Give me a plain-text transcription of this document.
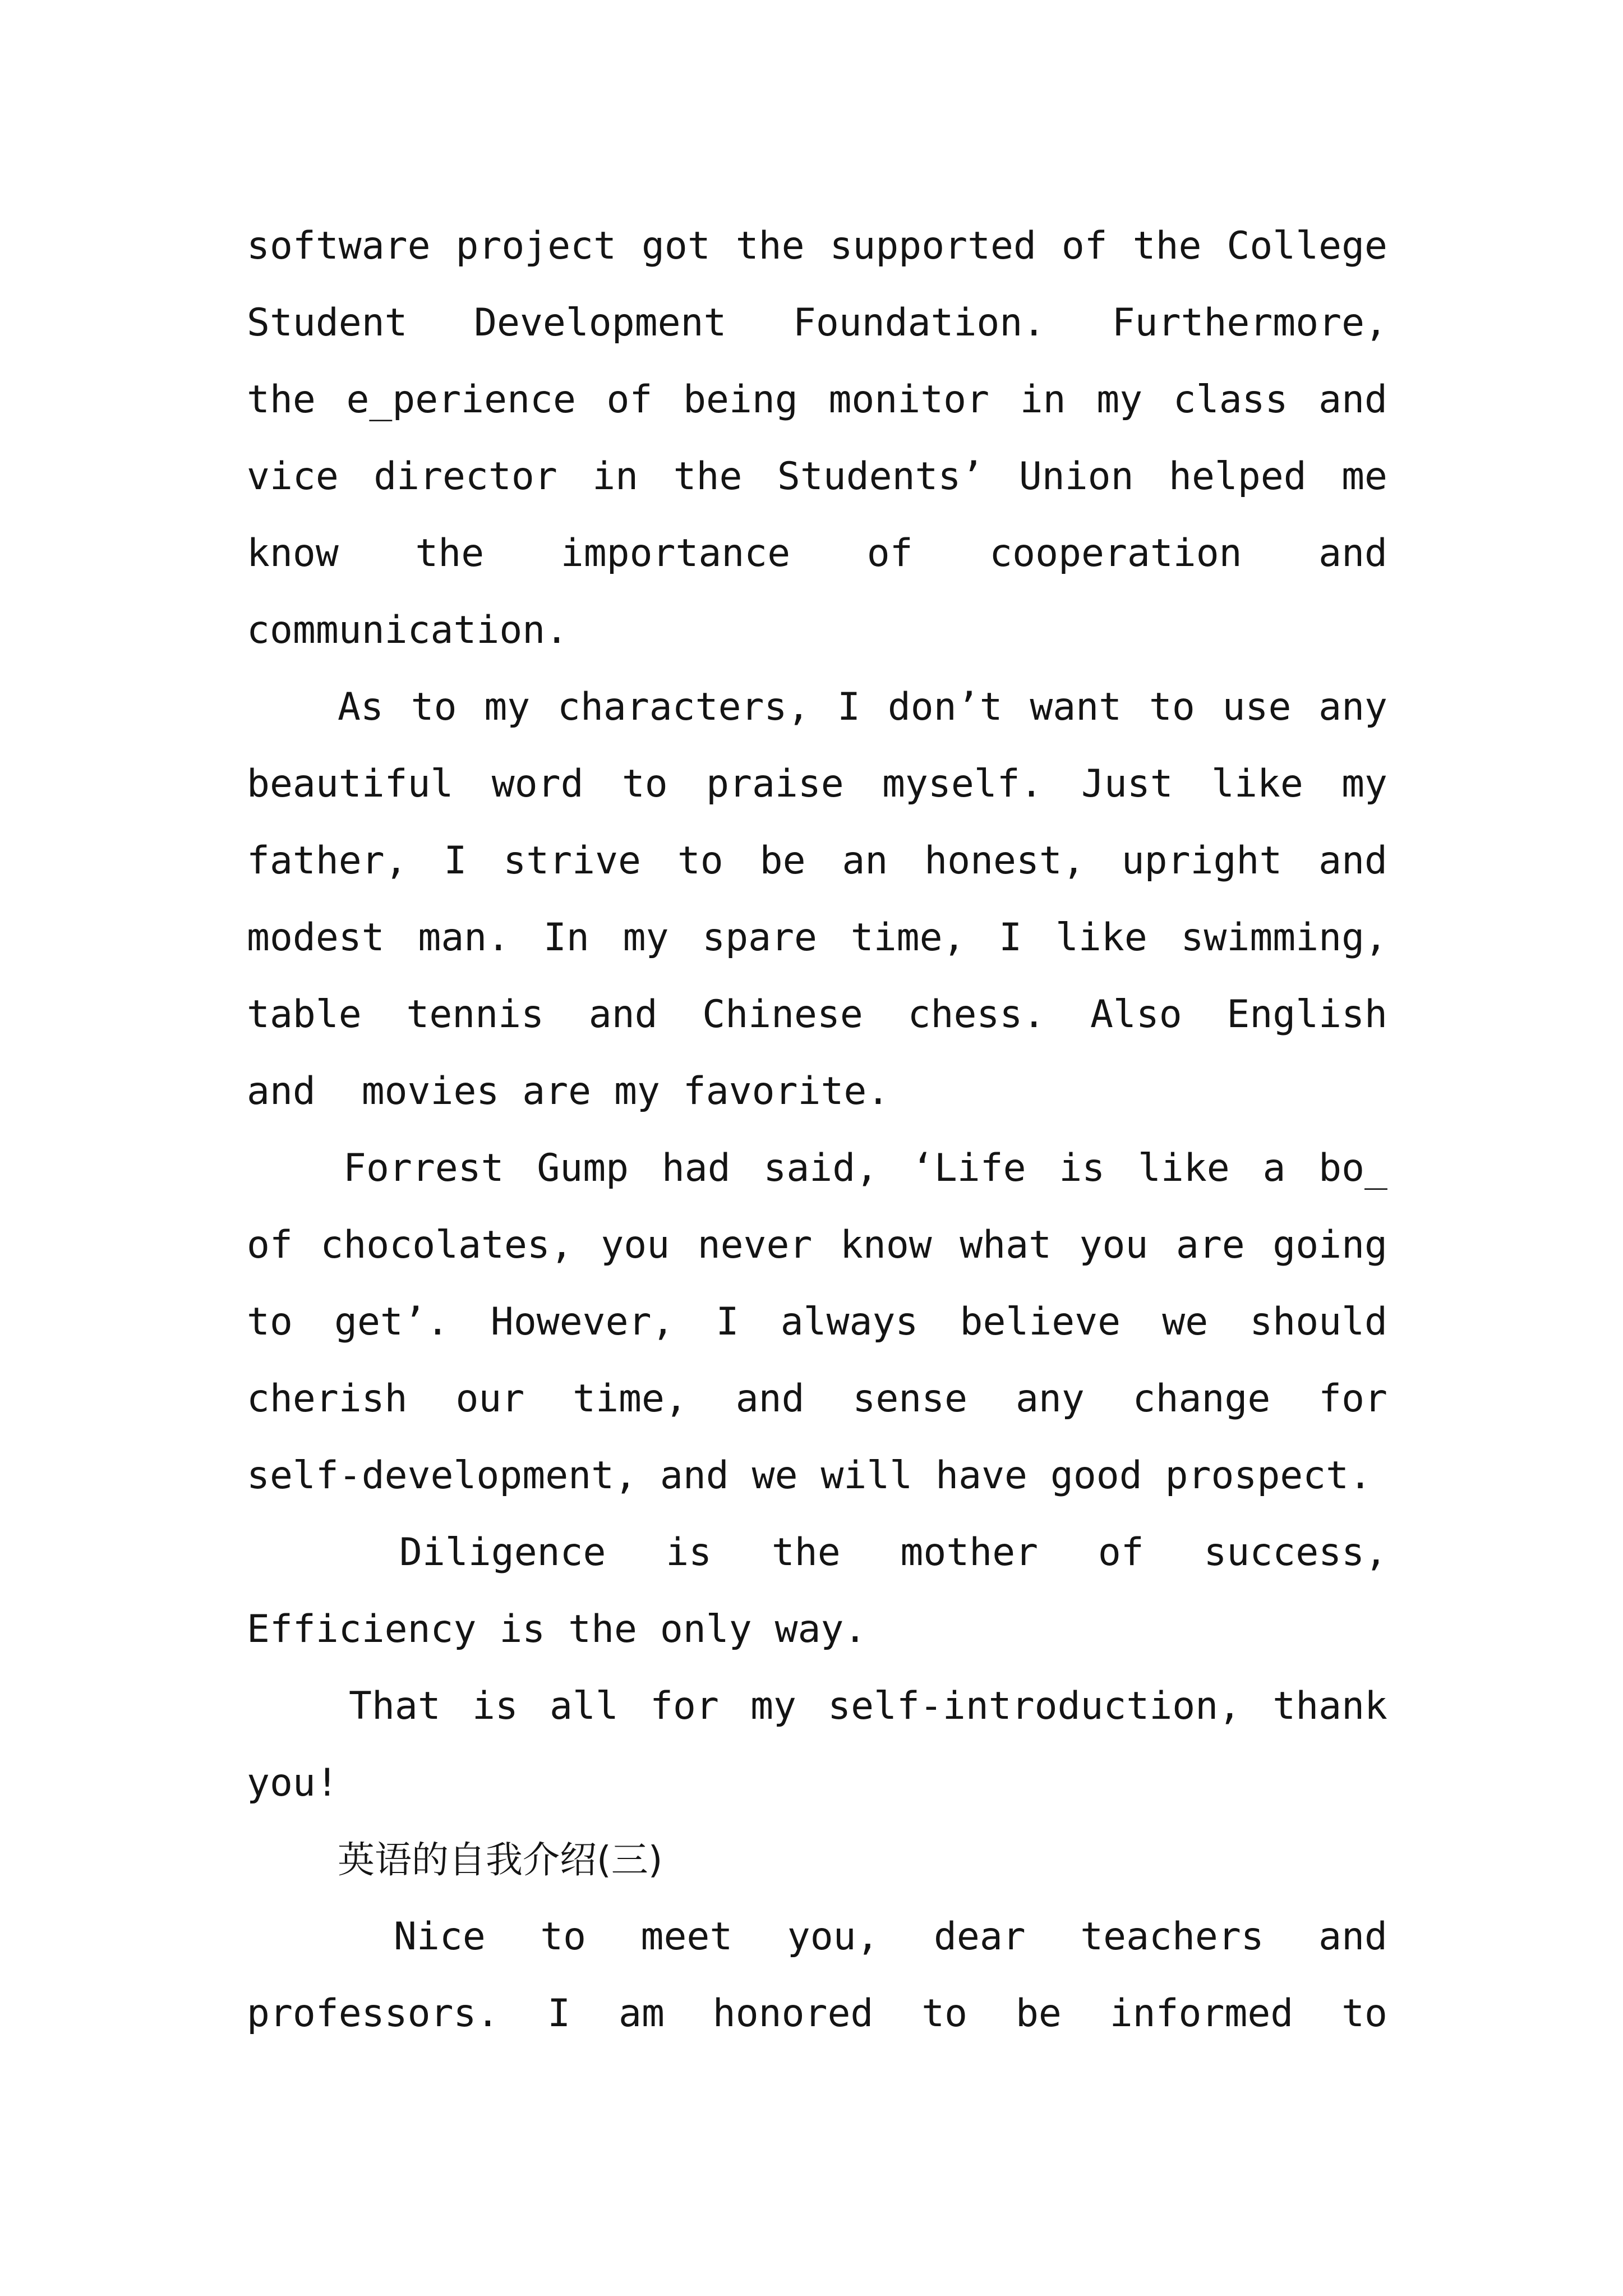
software project got the supported of the College
Student Development Foundation. Furthermore,
the e_perience of being monitor in my class and
vice director in the Students’ Union helped me
know the importance of cooperation and
communication.
As to my characters, I don’t want to use any
beautiful word to praise myself. Just like my
father, I strive to be an honest, upright and
modest man. In my spare time, I like swimming,
table tennis and Chinese chess. Also English
and  movies are my favorite.
Forrest Gump had said, ‘Life is like a bo_
of chocolates, you never know what you are going
to get’. However, I always believe we should
cherish our time, and sense any change for
self-development, and we will have good prospect.
Diligence is the mother of success,
Efficiency is the only way.
That is all for my self-introduction, thank
you!
英语的自我介绍(三)
Nice to meet you, dear teachers and
professors. I am honored to be informed to
